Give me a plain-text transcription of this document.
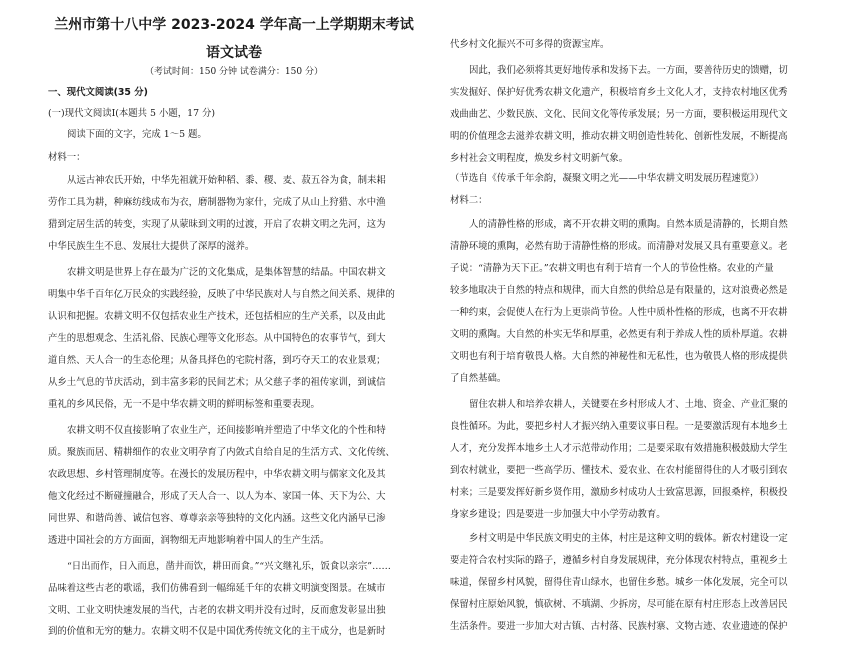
兰州市第十八中学 2023-2024 学年高一上学期期末考试
语文试卷
（考试时间：150 分钟 试卷满分：150 分）
一、现代文阅读(35 分)
(一)现代文阅读Ⅰ(本题共 5 小题，17 分)
阅读下面的文字，完成 1～5 题。
材料一：
从远古神农氏开始，中华先祖就开始种稻、黍、稷、麦、菽五谷为食，制耒耜
劳作工具为耕，种麻纺线成布为衣，磨制器物为家什，完成了从山上狩猎、水中渔
猎到定居生活的转变，实现了从蒙昧到文明的过渡，开启了农耕文明之先河，这为
中华民族生生不息、发展壮大提供了深厚的滋养。
农耕文明是世界上存在最为广泛的文化集成，是集体智慧的结晶。中国农耕文
明集中华千百年亿万民众的实践经验，反映了中华民族对人与自然之间关系、规律的
认识和把握。农耕文明不仅包括农业生产技术，还包括相应的生产关系，以及由此
产生的思想观念、生活礼俗、民族心理等文化形态。从中国特色的农事节气，到大
道自然、天人合一的生态伦理；从备具择色的宅院村落，到巧夺天工的农业景观；
从乡土气息的节庆活动，到丰富多彩的民间艺术；从父慈子孝的祖传家训，到诚信
重礼的乡风民俗，无一不是中华农耕文明的鲜明标签和重要表现。
农耕文明不仅直接影响了农业生产，还间接影响并塑造了中华文化的个性和特
质。聚族而居、精耕细作的农业文明孕育了内敛式自给自足的生活方式、文化传统、
农政思想、乡村管理制度等。在漫长的发展历程中，中华农耕文明与儒家文化及其
他文化经过不断碰撞融合，形成了天人合一、以人为本、家国一体、天下为公、大
同世界、和谐尚善、诚信包容、尊尊亲亲等独特的文化内涵。这些文化内涵早已渗
透进中国社会的方方面面，润物细无声地影响着中国人的生产生活。
“日出而作，日入而息，凿井而饮，耕田而食。”“兴文继礼乐，饭食以亲宗”……
品味着这些古老的歌谣，我们仿佛看到一幅绵延千年的农耕文明演变图景。在城市
文明、工业文明快速发展的当代，古老的农耕文明并没有过时，反而愈发彰显出独
到的价值和无穷的魅力。农耕文明不仅是中国优秀传统文化的主干成分，也是新时
代乡村文化振兴不可多得的资源宝库。
因此，我们必须将其更好地传承和发扬下去。一方面，要善待历史的馈赠，切
实发掘好、保护好优秀农耕文化遗产，积极培育乡土文化人才，支持农村地区优秀
戏曲曲艺、少数民族、文化、民间文化等传承发展；另一方面，要积极运用现代文
明的价值理念去滋养农耕文明，推动农耕文明创造性转化、创新性发展，不断提高
乡村社会文明程度，焕发乡村文明新气象。
（节选自《传承千年余韵，凝聚文明之光——中华农耕文明发展历程速览》）
材料二：
人的清静性格的形成，离不开农耕文明的熏陶。自然本质是清静的，长期自然
清静环境的熏陶，必然有助于清静性格的形成。而清静对发展又具有重要意义。老
子说：“清静为天下正。”农耕文明也有利于培育一个人的节俭性格。农业的产量
较多地取决于自然的特点和规律，而大自然的供给总是有限量的，这对浪费必然是
一种约束，会促使人在行为上更崇尚节俭。人性中质朴性格的形成，也离不开农耕
文明的熏陶。大自然的朴实无华和厚重，必然更有利于养成人性的质朴厚道。农耕
文明也有利于培育敬畏人格。大自然的神秘性和无私性，也为敬畏人格的形成提供
了自然基础。
留住农耕人和培养农耕人，关键要在乡村形成人才、土地、资金、产业汇聚的
良性循环。为此，要把乡村人才振兴纳入重要议事日程。一是要激活现有本地乡土
人才，充分发挥本地乡土人才示范带动作用；二是要采取有效措施积极鼓励大学生
到农村就业，要把一些高学历、懂技术、爱农业、在农村能留得住的人才吸引到农
村来；三是要发挥好新乡贤作用，激励乡村成功人士致富思源，回报桑梓，积极投
身家乡建设；四是要进一步加强大中小学劳动教育。
乡村文明是中华民族文明史的主体，村庄是这种文明的载体。新农村建设一定
要走符合农村实际的路子，遵循乡村自身发展规律，充分体现农村特点，重视乡土
味道，保留乡村风貌，留得住青山绿水，也留住乡愁。城乡一体化发展，完全可以
保留村庄原始风貌，慎砍树、不填湖、少拆房，尽可能在原有村庄形态上改善居民
生活条件。要进一步加大对古镇、古村落、民族村寨、文物古迹、农业遗迹的保护
